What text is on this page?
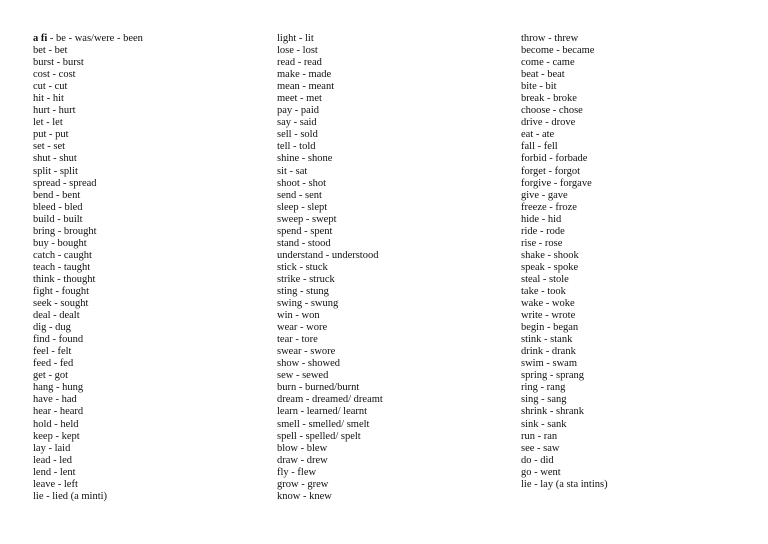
a fi - be - was/were - been
bet - bet
burst - burst
cost - cost
cut - cut
hit - hit
hurt - hurt
let - let
put - put
set - set
shut - shut
split - split
spread - spread
bend - bent
bleed - bled
build - built
bring - brought
buy - bought
catch - caught
teach - taught
think - thought
fight - fought
seek - sought
deal - dealt
dig - dug
find - found
feel - felt
feed - fed
get - got
hang - hung
have - had
hear - heard
hold - held
keep - kept
lay - laid
lead - led
lend - lent
leave - left
lie - lied (a minti)
light - lit
lose - lost
read - read
make - made
mean - meant
meet - met
pay - paid
say - said
sell - sold
tell - told
shine - shone
sit - sat
shoot - shot
send - sent
sleep - slept
sweep - swept
spend - spent
stand - stood
understand - understood
stick - stuck
strike - struck
sting - stung
swing - swung
win - won
wear - wore
tear - tore
swear - swore
show - showed
sew - sewed
burn - burned/burnt
dream - dreamed/ dreamt
learn - learned/ learnt
smell - smelled/ smelt
spell - spelled/ spelt
blow - blew
draw - drew
fly - flew
grow - grew
know - knew
throw - threw
become - became
come - came
beat - beat
bite - bit
break - broke
choose - chose
drive - drove
eat - ate
fall - fell
forbid - forbade
forget - forgot
forgive - forgave
give - gave
freeze - froze
hide - hid
ride - rode
rise - rose
shake - shook
speak - spoke
steal - stole
take - took
wake - woke
write - wrote
begin - began
stink - stank
drink - drank
swim - swam
spring - sprang
ring - rang
sing - sang
shrink - shrank
sink - sank
run - ran
see - saw
do - did
go - went
lie - lay (a sta intins)
